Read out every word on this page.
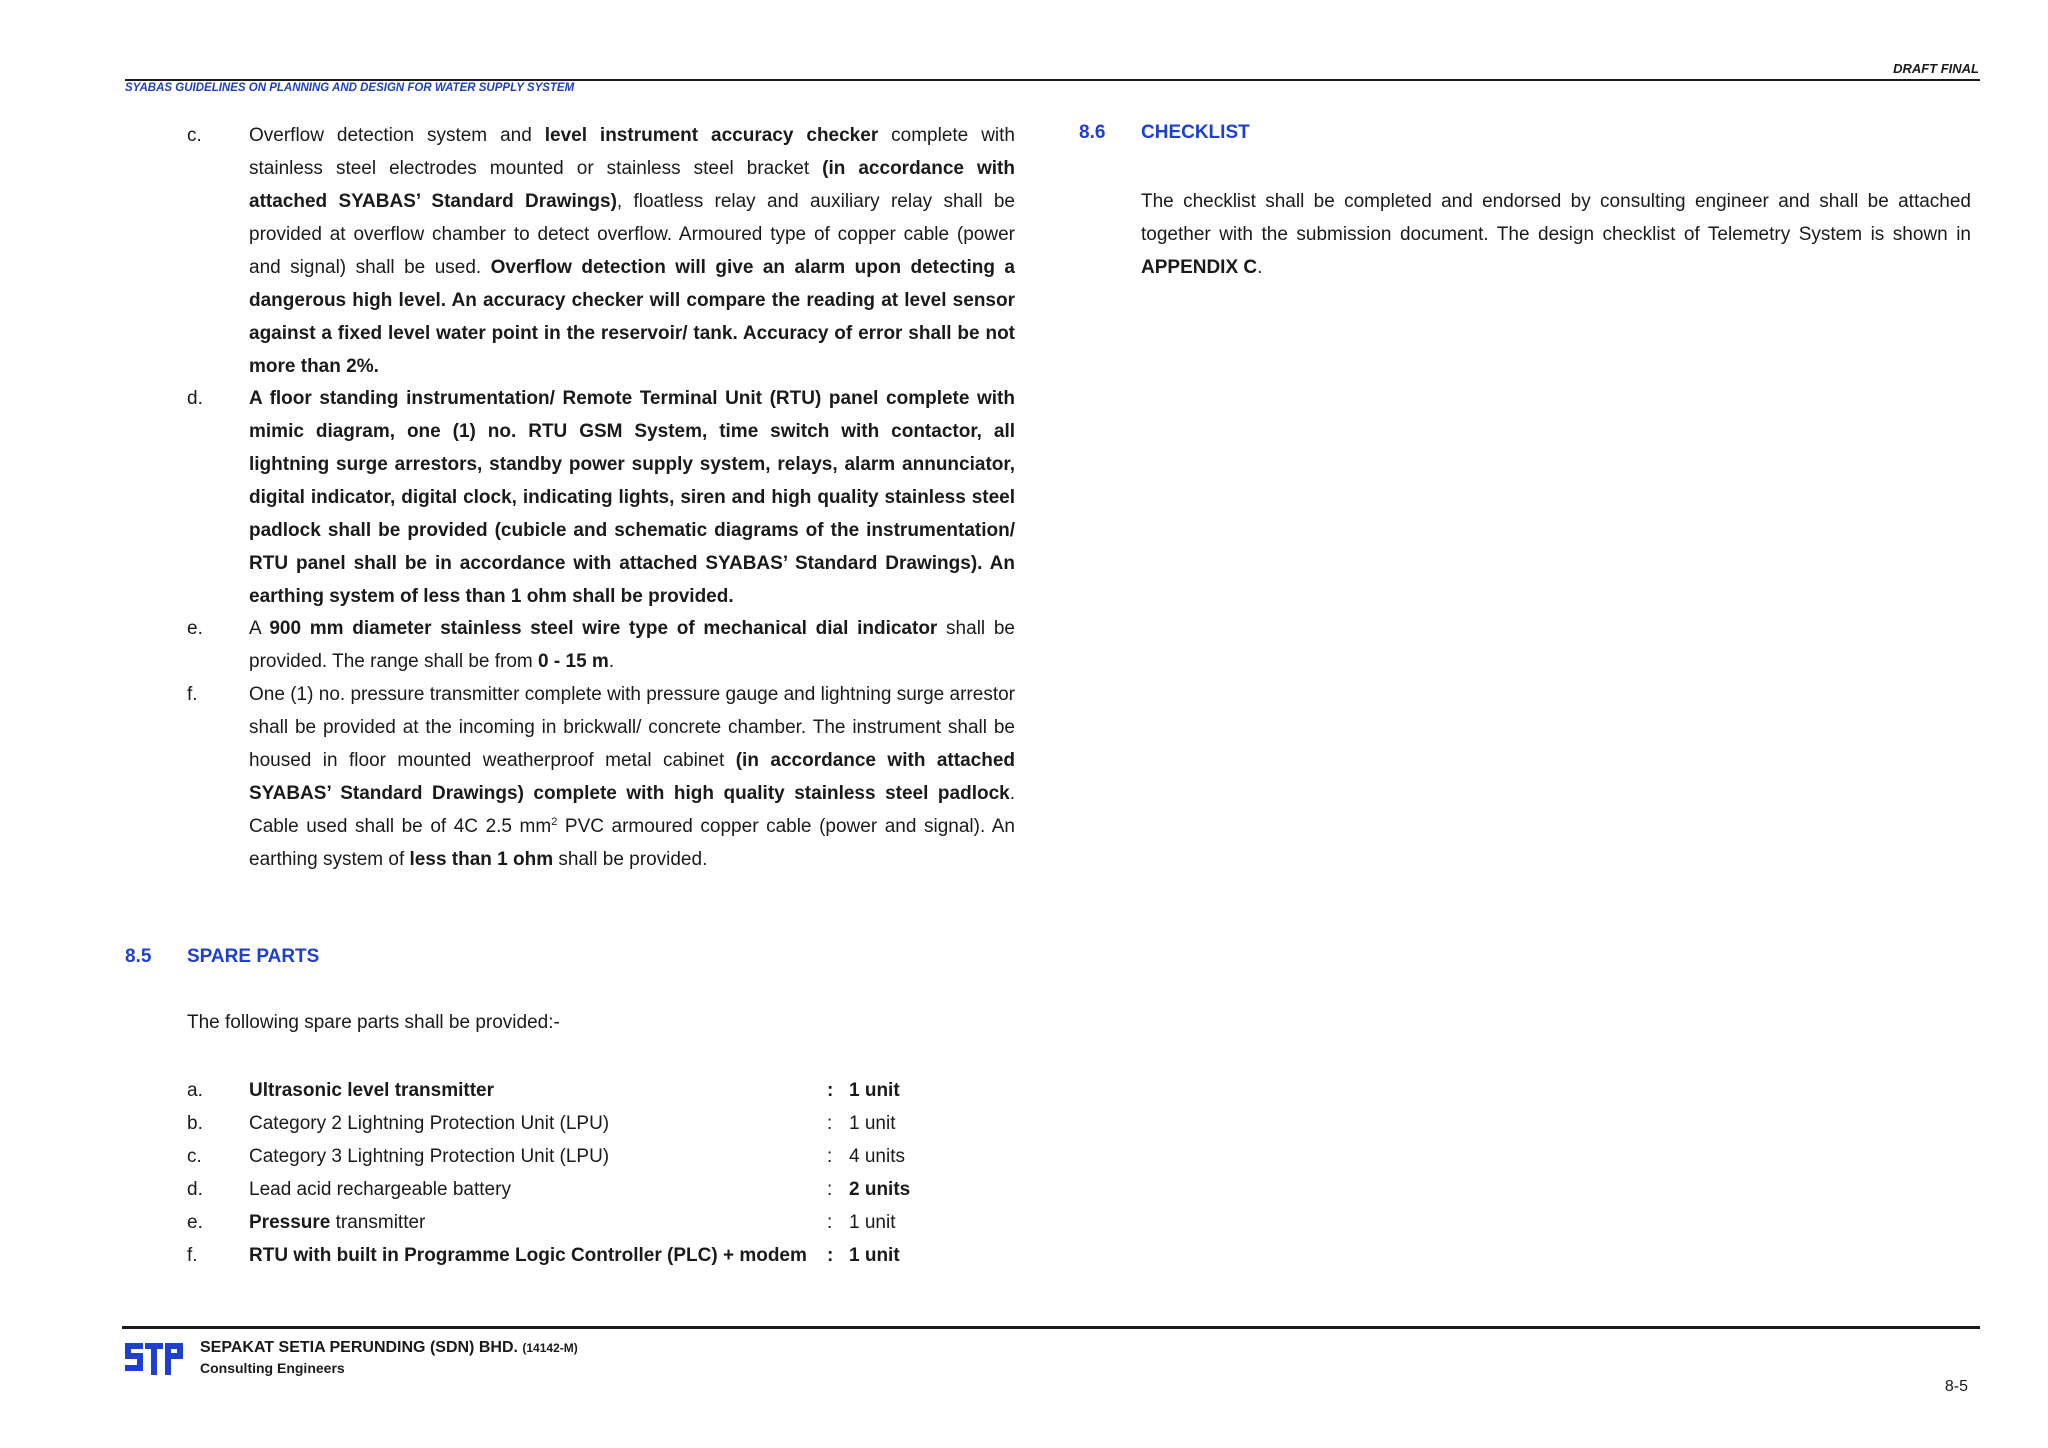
DRAFT FINAL
SYABAS GUIDELINES ON PLANNING AND DESIGN FOR WATER SUPPLY SYSTEM
c.	Overflow detection system and level instrument accuracy checker complete with stainless steel electrodes mounted or stainless steel bracket (in accordance with attached SYABAS’ Standard Drawings), floatless relay and auxiliary relay shall be provided at overflow chamber to detect overflow. Armoured type of copper cable (power and signal) shall be used. Overflow detection will give an alarm upon detecting a dangerous high level. An accuracy checker will compare the reading at level sensor against a fixed level water point in the reservoir/ tank. Accuracy of error shall be not more than 2%.
d.	A floor standing instrumentation/ Remote Terminal Unit (RTU) panel complete with mimic diagram, one (1) no. RTU GSM System, time switch with contactor, all lightning surge arrestors, standby power supply system, relays, alarm annunciator, digital indicator, digital clock, indicating lights, siren and high quality stainless steel padlock shall be provided (cubicle and schematic diagrams of the instrumentation/ RTU panel shall be in accordance with attached SYABAS’ Standard Drawings). An earthing system of less than 1 ohm shall be provided.
e.	A 900 mm diameter stainless steel wire type of mechanical dial indicator shall be provided. The range shall be from 0 - 15 m.
f.	One (1) no. pressure transmitter complete with pressure gauge and lightning surge arrestor shall be provided at the incoming in brickwall/ concrete chamber. The instrument shall be housed in floor mounted weatherproof metal cabinet (in accordance with attached SYABAS’ Standard Drawings) complete with high quality stainless steel padlock. Cable used shall be of 4C 2.5 $mm^2$ PVC armoured copper cable (power and signal). An earthing system of less than 1 ohm shall be provided.
8.5 SPARE PARTS
The following spare parts shall be provided:-
a. Ultrasonic level transmitter	: 1 unit
b. Category 2 Lightning Protection Unit (LPU)	: 1 unit
c. Category 3 Lightning Protection Unit (LPU)	: 4 units
d. Lead acid rechargeable battery	: 2 units
e. Pressure transmitter	: 1 unit
f.	RTU with built in Programme Logic Controller (PLC) + modem : 1 unit
8.6 CHECKLIST
The checklist shall be completed and endorsed by consulting engineer and shall be attached together with the submission document. The design checklist of Telemetry System is shown in APPENDIX C.
SEPAKAT SETIA PERUNDING (SDN) BHD. (14142-M)
Consulting Engineers
8-5
